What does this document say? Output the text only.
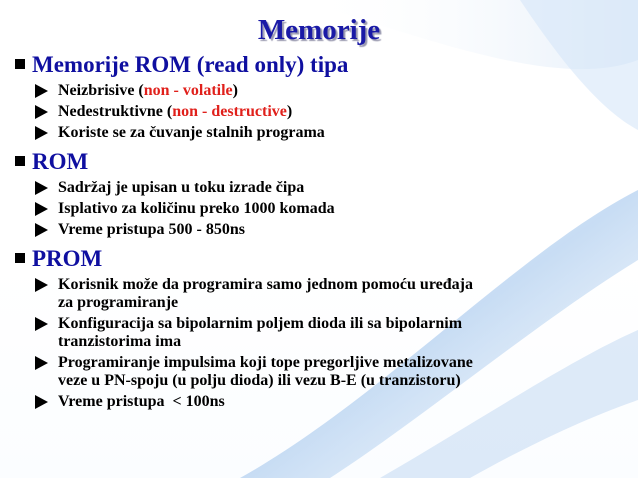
Memorije
Memorije ROM (read only) tipa
Neizbrisive (non - volatile)
Nedestruktivne (non - destructive)
Koriste se za čuvanje stalnih programa
ROM
Sadržaj je upisan u toku izrade čipa
Isplativo za količinu preko 1000 komada
Vreme pristupa 500 - 850ns
PROM
Korisnik može da programira samo jednom pomoću uređaja
za programiranje
Konfiguracija sa bipolarnim poljem dioda ili sa bipolarnim
tranzistorima ima
Programiranje impulsima koji tope pregorljive metalizovane
veze u PN-spoju (u polju dioda) ili vezu B-E (u tranzistoru)
Vreme pristupa  < 100ns
